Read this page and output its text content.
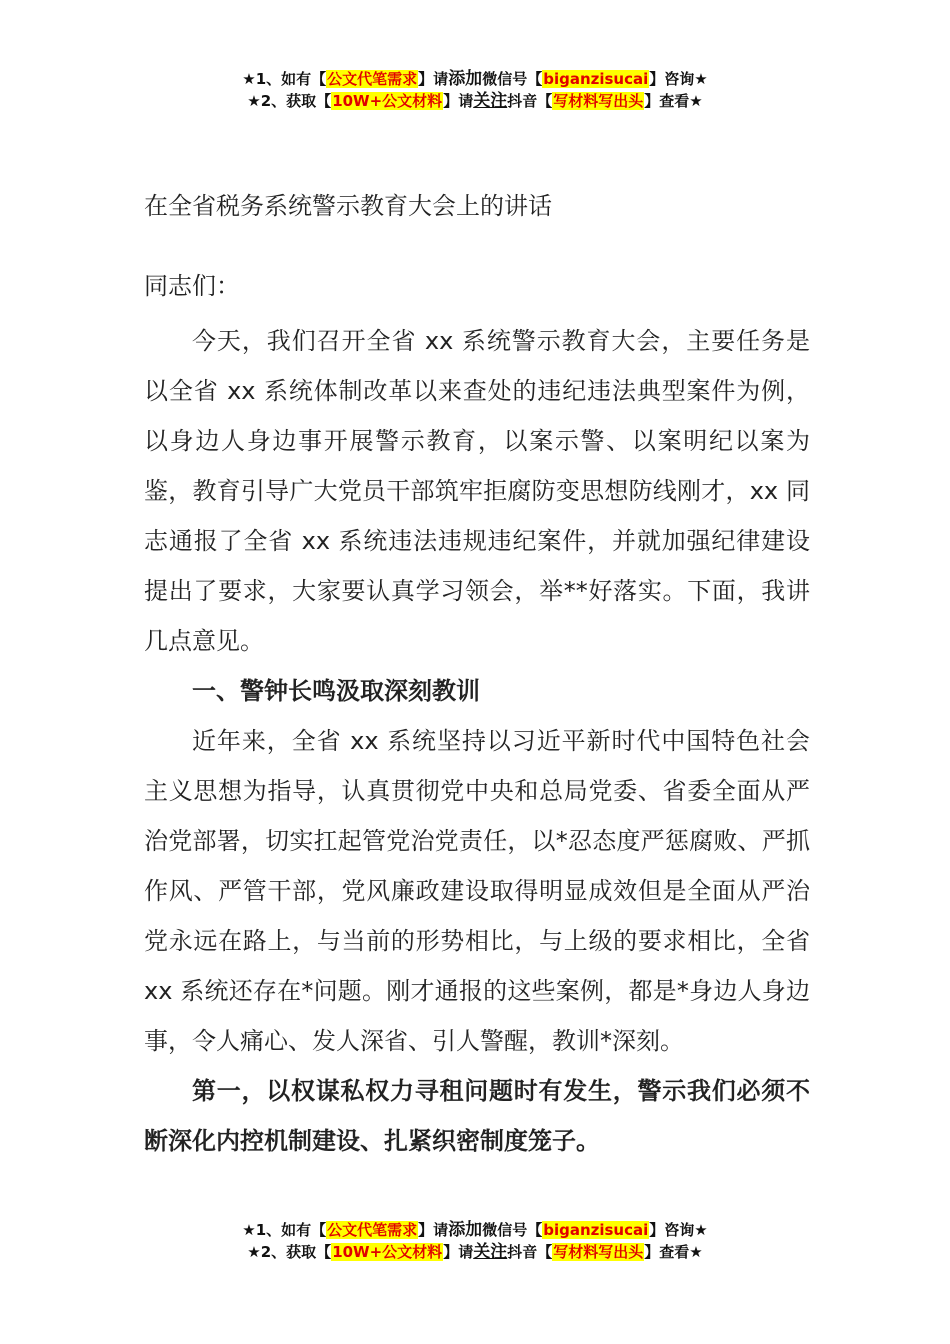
★1、如有【公文代笔需求】请添加微信号【biganzisucai】咨询★
★2、获取【10W+公文材料】请关注抖音【写材料写出头】查看★
在全省税务系统警示教育大会上的讲话
同志们：

今天，我们召开全省 xx 系统警示教育大会，主要任务是以全省 xx 系统体制改革以来查处的违纪违法典型案件为例，以身边人身边事开展警示教育，以案示警、以案明纪以案为鉴，教育引导广大党员干部筑牢拒腐防变思想防线刚才，xx 同志通报了全省 xx 系统违法违规违纪案件，并就加强纪律建设提出了要求，大家要认真学习领会，举**好落实。下面，我讲几点意见。

一、警钟长鸣汲取深刻教训

近年来，全省 xx 系统坚持以习近平新时代中国特色社会主义思想为指导，认真贯彻党中央和总局党委、省委全面从严治党部署，切实扛起管党治党责任，以*忍态度严惩腐败、严抓作风、严管干部，党风廉政建设取得明显成效但是全面从严治党永远在路上，与当前的形势相比，与上级的要求相比，全省 xx 系统还存在*问题。刚才通报的这些案例，都是*身边人身边事，令人痛心、发人深省、引人警醒，教训*深刻。

第一，以权谋私权力寻租问题时有发生，警示我们必须不断深化内控机制建设、扎紧织密制度笼子。

★1、如有【公文代笔需求】请添加微信号【biganzisucai】咨询★
★2、获取【10W+公文材料】请关注抖音【写材料写出头】查看★
